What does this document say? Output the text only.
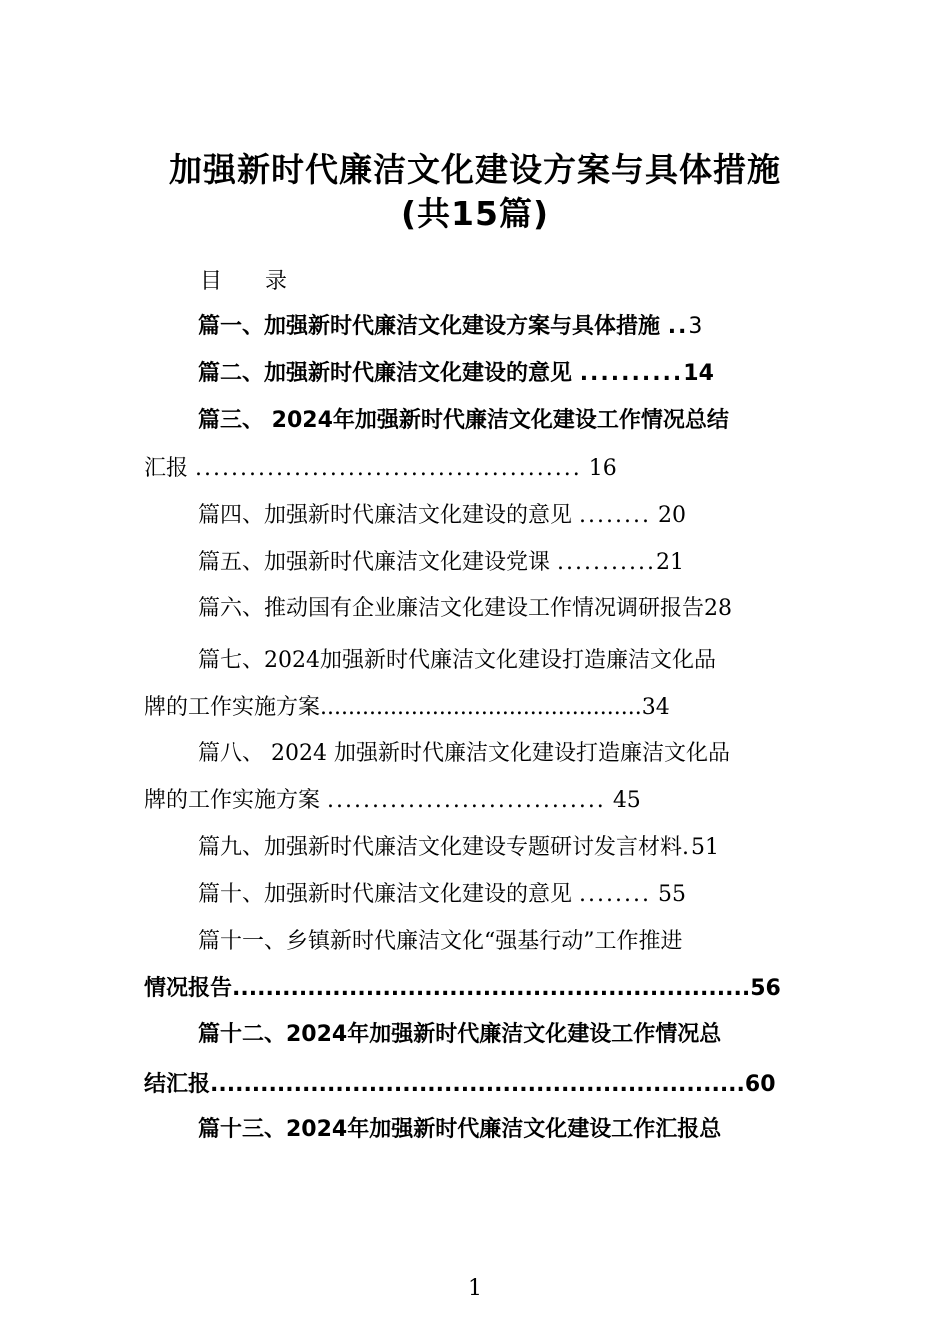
加强新时代廉洁文化建设方案与具体措施
(共15篇)
目 录
篇一、加强新时代廉洁文化建设方案与具体措施 ..3
篇二、加强新时代廉洁文化建设的意见 ..........14
篇三、 2024年加强新时代廉洁文化建设工作情况总结
汇报 ........................................... 16
篇四、加强新时代廉洁文化建设的意见 ........ 20
篇五、加强新时代廉洁文化建设党课 ...........21
篇六、推动国有企业廉洁文化建设工作情况调研报告28
篇七、2024加强新时代廉洁文化建设打造廉洁文化品
牌的工作实施方案..............................................34
篇八、 2024 加强新时代廉洁文化建设打造廉洁文化品
牌的工作实施方案 ............................... 45
篇九、加强新时代廉洁文化建设专题研讨发言材料.51
篇十、加强新时代廉洁文化建设的意见 ........ 55
篇十一、乡镇新时代廉洁文化“强基行动”工作推进
情况报告..............................................................56
篇十二、2024年加强新时代廉洁文化建设工作情况总
结汇报................................................................60
篇十三、2024年加强新时代廉洁文化建设工作汇报总
1
